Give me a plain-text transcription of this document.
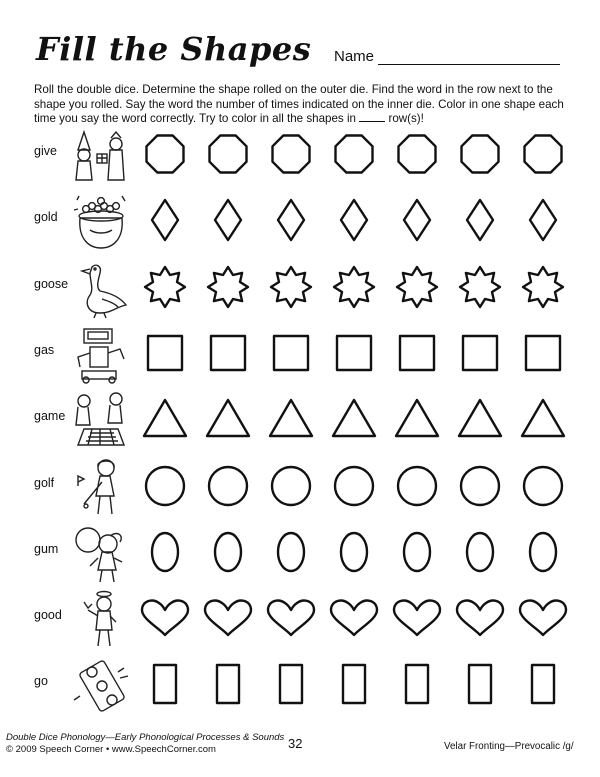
Fill the Shapes Name
Roll the double dice. Determine the shape rolled on the outer die. Find the word in the row next to the shape you rolled. Say the word the number of times indicated on the inner die. Color in one shape each time you say the word correctly. Try to color in all the shapes in	row(s)!
give
gold
goose
gas
game
golf
gum
good
go
Double Dice Phonology—Early Phonological Processes & Sounds
© 2009 Speech Corner • www.SpeechCorner.com	32	Velar Fronting—Prevocalic /g/
